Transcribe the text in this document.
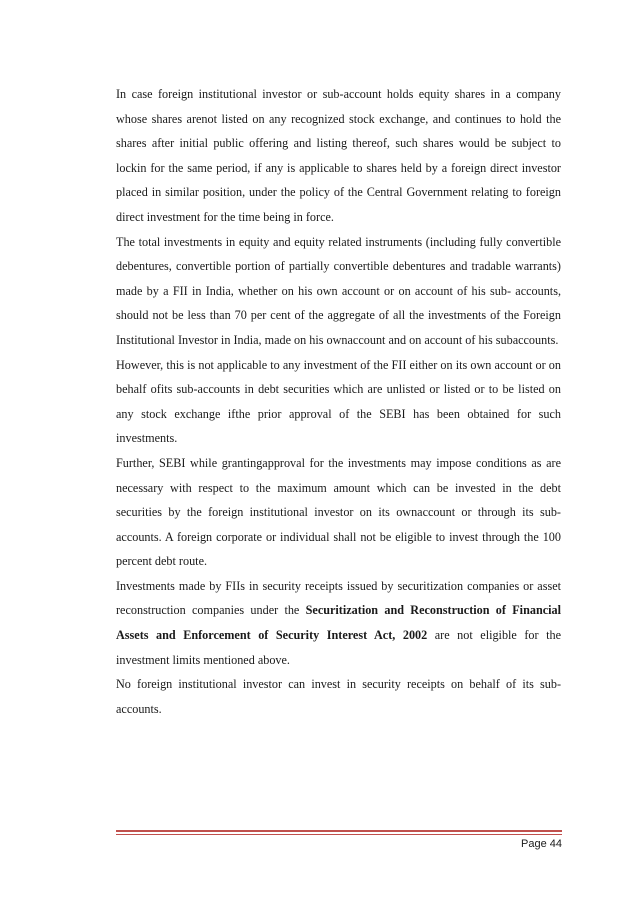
In case foreign institutional investor or sub-account holds equity shares in a company whose shares arenot listed on any recognized stock exchange, and continues to hold the shares after initial public offering and listing thereof, such shares would be subject to lockin for the same period, if any is applicable to shares held by a foreign direct investor placed in similar position, under the policy of the Central Government relating to foreign direct investment for the time being in force.

The total investments in equity and equity related instruments (including fully convertible debentures, convertible portion of partially convertible debentures and tradable warrants) made by a FII in India, whether on his own account or on account of his sub- accounts, should not be less than 70 per cent of the aggregate of all the investments of the Foreign Institutional Investor in India, made on his ownaccount and on account of his subaccounts.

However, this is not applicable to any investment of the FII either on its own account or on behalf ofits sub-accounts in debt securities which are unlisted or listed or to be listed on any stock exchange ifthe prior approval of the SEBI has been obtained for such investments.

Further, SEBI while grantingapproval for the investments may impose conditions as are necessary with respect to the maximum amount which can be invested in the debt securities by the foreign institutional investor on its ownaccount or through its sub-accounts. A foreign corporate or individual shall not be eligible to invest through the 100 percent debt route.

Investments made by FIIs in security receipts issued by securitization companies or asset reconstruction companies under the Securitization and Reconstruction of Financial Assets and Enforcement of Security Interest Act, 2002 are not eligible for the investment limits mentioned above.

No foreign institutional investor can invest in security receipts on behalf of its sub-accounts.

Page 44
